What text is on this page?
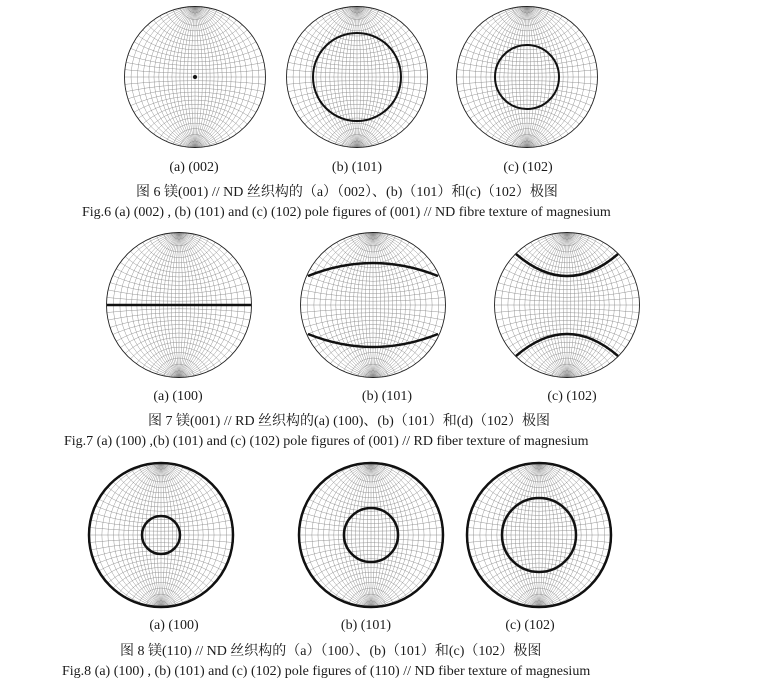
(a) (002)	(b) (101)	(c) (102)
图 6 镁(001) // ND 丝织构的（a）（002）、(b)（101）和(c)（102）极图
Fig.6 (a) (002) , (b) (101) and (c) (102) pole figures of (001) // ND fibre texture of magnesium
(a) (100)	(b) (101)	(c) (102)
图 7 镁(001) // RD 丝织构的(a) (100)、(b)（101）和(d)（102）极图
Fig.7 (a) (100) ,(b) (101) and (c) (102) pole figures of (001) // RD fiber texture of magnesium
(a) (100)	(b) (101)	(c) (102)
图 8 镁(110) // ND 丝织构的（a）（100）、(b)（101）和(c)（102）极图
Fig.8 (a) (100) , (b) (101) and (c) (102) pole figures of (110) // ND fiber texture of magnesium
